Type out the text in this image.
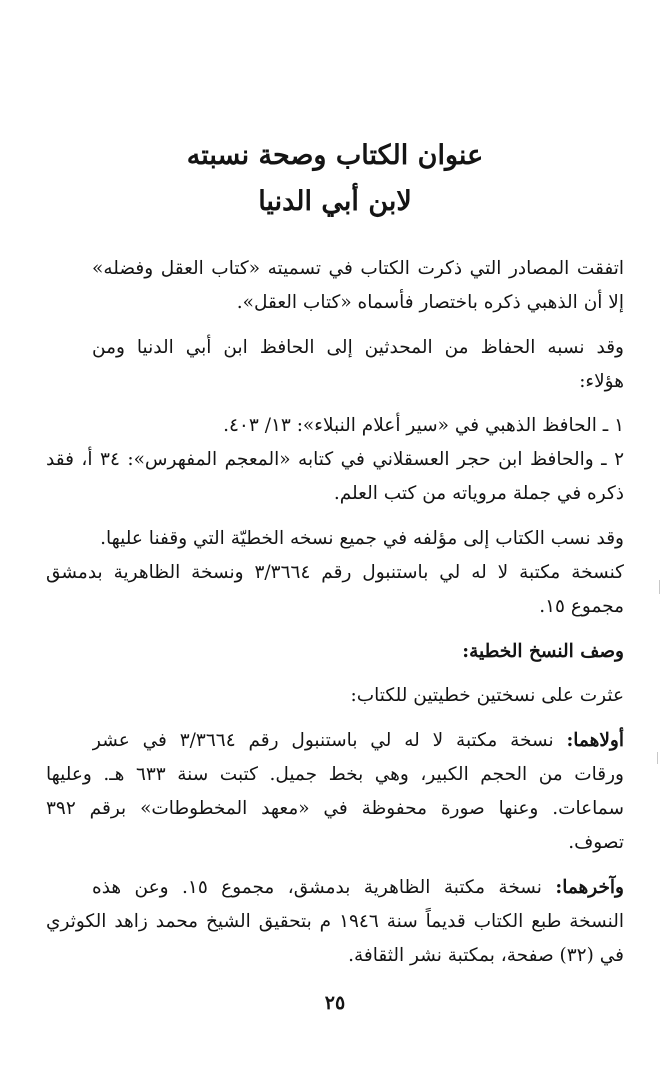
عنوان الكتاب وصحة نسبته
لابن أبي الدنيا
اتفقت المصادر التي ذكرت الكتاب في تسميته «كتاب العقل وفضله»
إلا أن الذهبي ذكره باختصار فأسماه «كتاب العقل».
وقد نسبه الحفاظ من المحدثين إلى الحافظ ابن أبي الدنيا ومن
هؤلاء:
١ ـ الحافظ الذهبي في «سير أعلام النبلاء»: ١٣/ ٤٠٣.
٢ ـ والحافظ ابن حجر العسقلاني في كتابه «المعجم المفهرس»: ٣٤ أ، فقد
ذكره في جملة مروياته من كتب العلم.
وقد نسب الكتاب إلى مؤلفه في جميع نسخه الخطيّة التي وقفنا عليها.
كنسخة مكتبة لا له لي باستنبول رقم ٣/٣٦٦٤ ونسخة الظاهرية بدمشق
مجموع ١٥.
وصف النسخ الخطية:
عثرت على نسختين خطيتين للكتاب:
أولاهما: نسخة مكتبة لا له لي باستنبول رقم ٣/٣٦٦٤ في عشر
ورقات من الحجم الكبير، وهي بخط جميل. كتبت سنة ٦٣٣ هـ. وعليها
سماعات. وعنها صورة محفوظة في «معهد المخطوطات» برقم ٣٩٢
تصوف.
وآخرهما: نسخة مكتبة الظاهرية بدمشق، مجموع ١٥. وعن هذه
النسخة طبع الكتاب قديماً سنة ١٩٤٦ م بتحقيق الشيخ محمد زاهد الكوثري
في (٣٢) صفحة، بمكتبة نشر الثقافة.
٢٥
